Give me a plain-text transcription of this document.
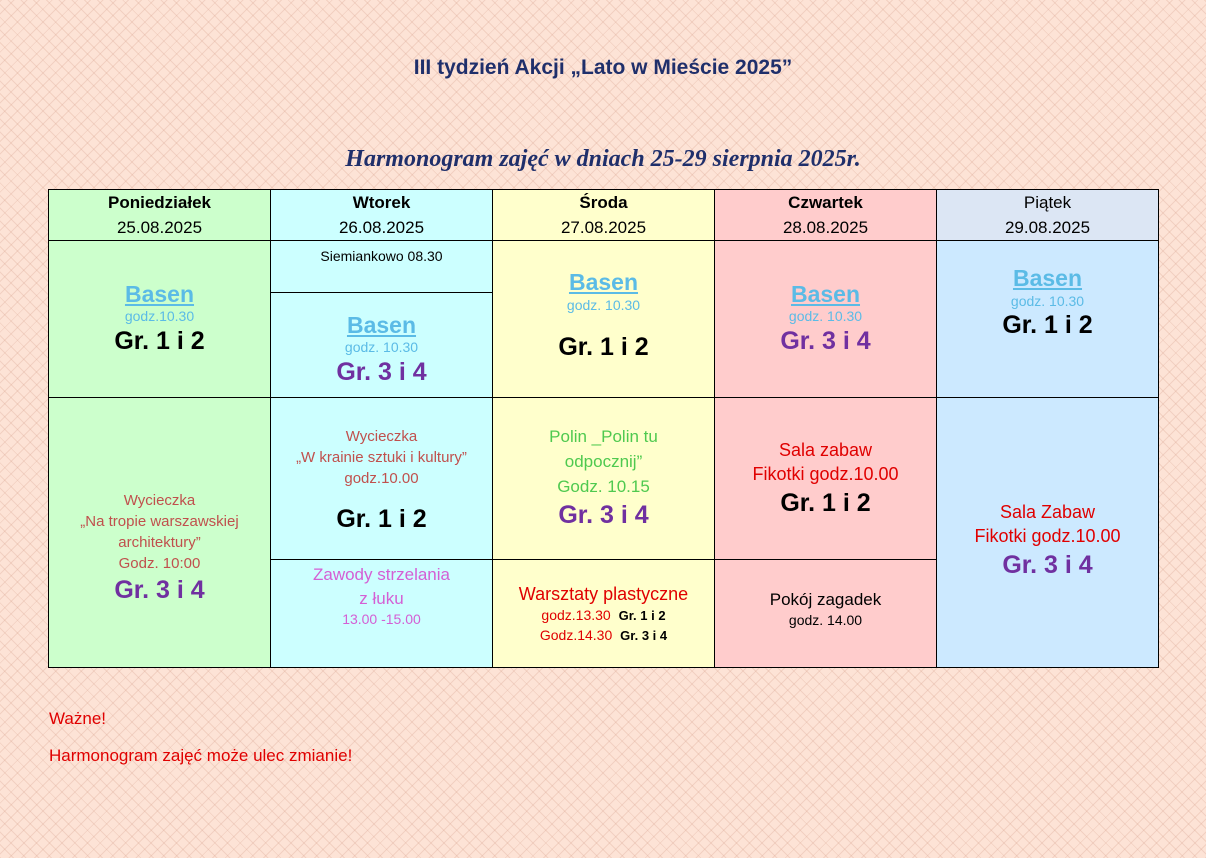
III tydzień Akcji „Lato w Mieście 2025”
Harmonogram zajęć w dniach 25-29 sierpnia 2025r.
Poniedziałek
25.08.2025
Wtorek
26.08.2025
Środa
27.08.2025
Czwartek
28.08.2025
Piątek
29.08.2025
Basen
godz.10.30
Gr. 1 i 2
Wycieczka
„Na tropie warszawskiej
architektury”
Godz. 10:00
Gr. 3 i 4
Siemiankowo 08.30
Basen
godz. 10.30
Gr. 3 i 4
Wycieczka
„W krainie sztuki i kultury”
godz.10.00
Gr. 1 i 2
Zawody strzelania
z łuku
13.00 -15.00
Basen
godz. 10.30
Gr. 1 i 2
Polin _Polin tu
odpocznij”
Godz. 10.15
Gr. 3 i 4
Warsztaty plastyczne
godz.13.30 Gr. 1 i 2
Godz.14.30 Gr. 3 i 4
Basen
godz. 10.30
Gr. 3 i 4
Sala zabaw
Fikotki godz.10.00
Gr. 1 i 2
Pokój zagadek
godz. 14.00
Basen
godz. 10.30
Gr. 1 i 2
Sala Zabaw
Fikotki godz.10.00
Gr. 3 i 4
Ważne!
Harmonogram zajęć może ulec zmianie!
